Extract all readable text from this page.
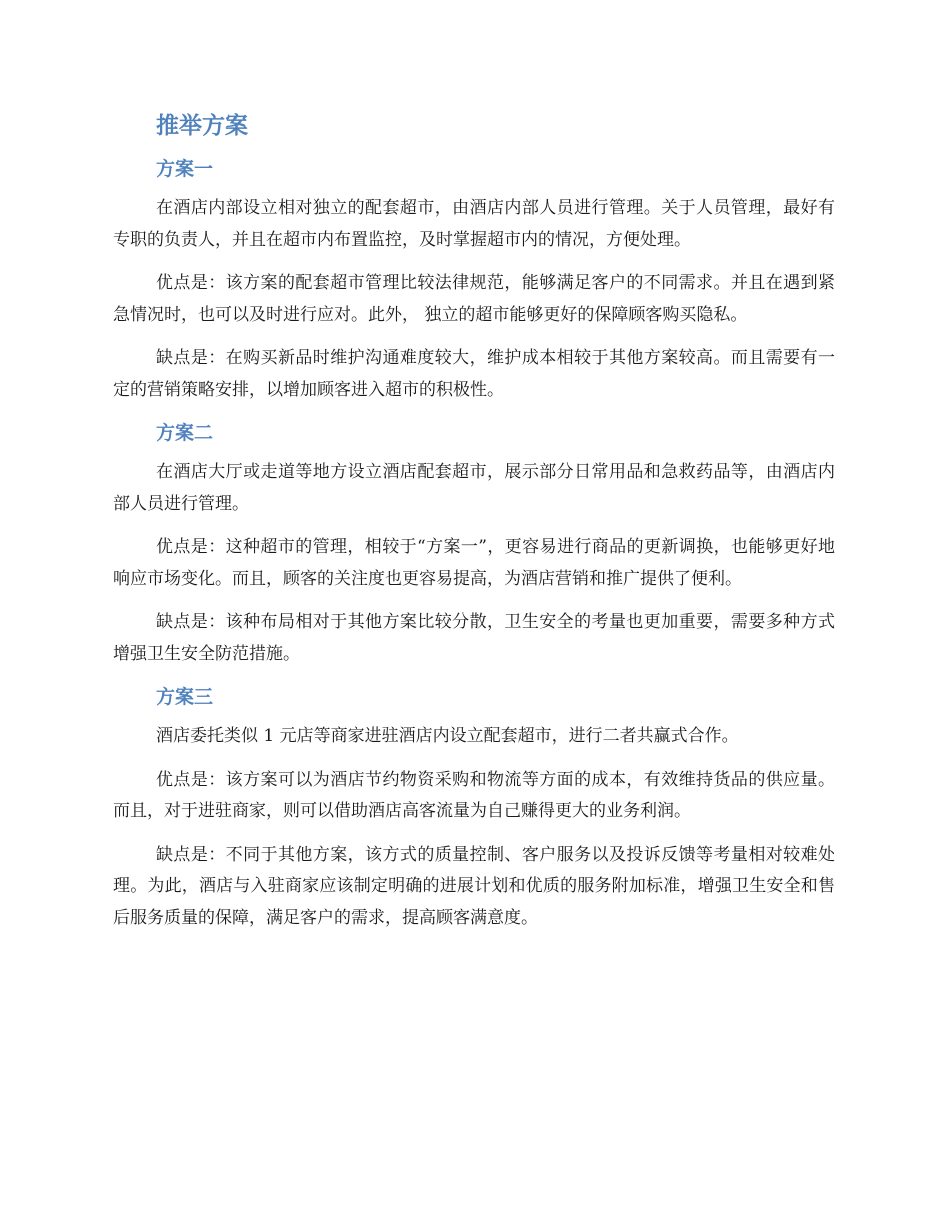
推举方案
方案一

在酒店内部设立相对独立的配套超市，由酒店内部人员进行管理。关于人员管理，最好有专职的负责人，并且在超市内布置监控，及时掌握超市内的情况，方便处理。

优点是：该方案的配套超市管理比较法律规范，能够满足客户的不同需求。并且在遇到紧急情况时，也可以及时进行应对。此外， 独立的超市能够更好的保障顾客购买隐私。

缺点是：在购买新品时维护沟通难度较大，维护成本相较于其他方案较高。而且需要有一定的营销策略安排，以增加顾客进入超市的积极性。

方案二

在酒店大厅或走道等地方设立酒店配套超市，展示部分日常用品和急救药品等，由酒店内部人员进行管理。

优点是：这种超市的管理，相较于“方案一”，更容易进行商品的更新调换，也能够更好地响应市场变化。而且，顾客的关注度也更容易提高，为酒店营销和推广提供了便利。

缺点是：该种布局相对于其他方案比较分散，卫生安全的考量也更加重要，需要多种方式增强卫生安全防范措施。

方案三

酒店委托类似 1 元店等商家进驻酒店内设立配套超市，进行二者共赢式合作。

优点是：该方案可以为酒店节约物资采购和物流等方面的成本，有效维持货品的供应量。而且，对于进驻商家，则可以借助酒店高客流量为自己赚得更大的业务利润。

缺点是：不同于其他方案，该方式的质量控制、客户服务以及投诉反馈等考量相对较难处理。为此，酒店与入驻商家应该制定明确的进展计划和优质的服务附加标准，增强卫生安全和售后服务质量的保障，满足客户的需求，提高顾客满意度。
